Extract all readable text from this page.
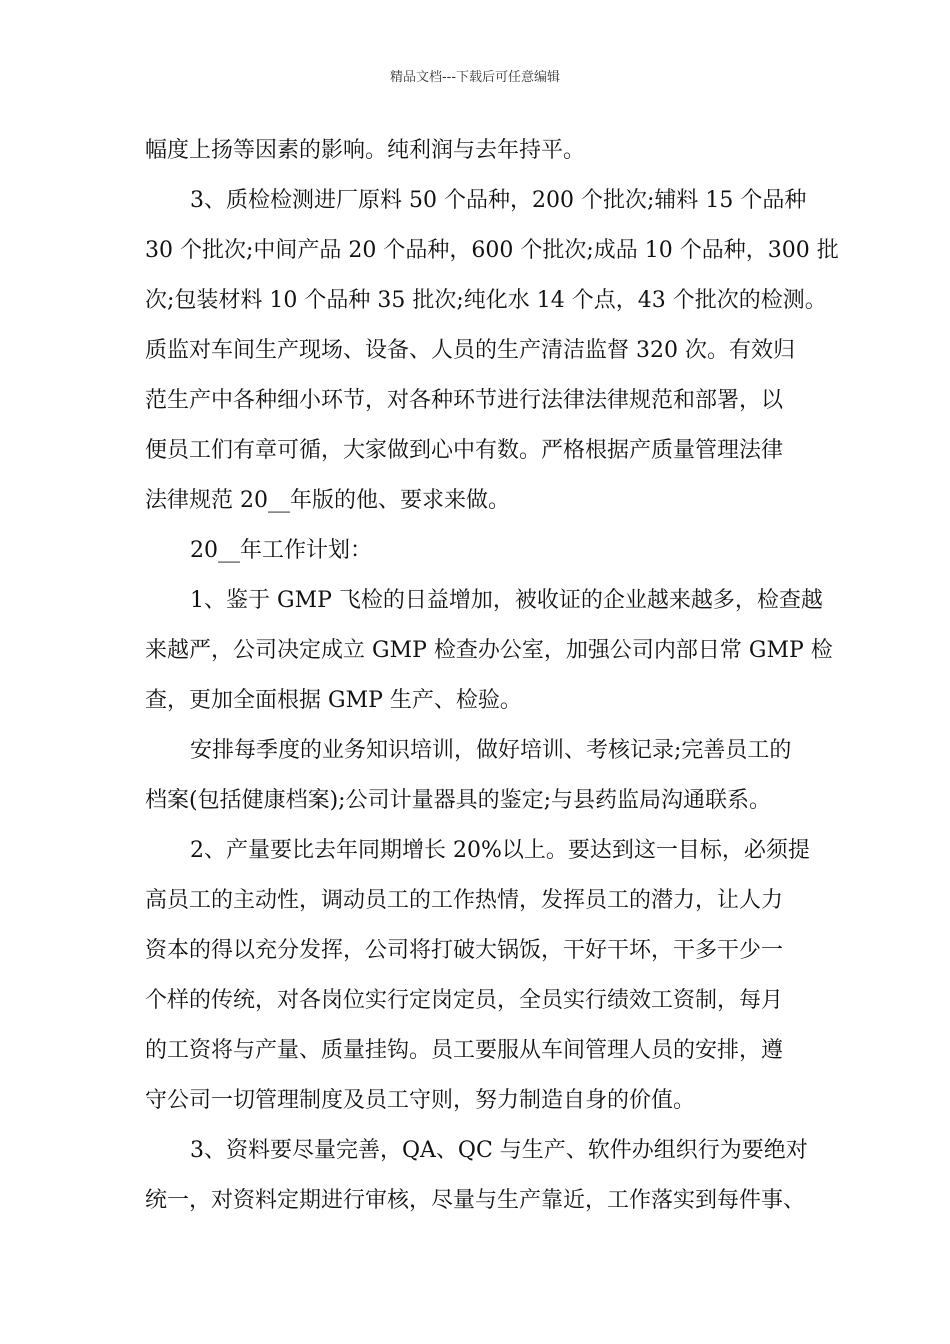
精品文档---下载后可任意编辑
幅度上扬等因素的影响。纯利润与去年持平。
3、质检检测进厂原料 50 个品种，200 个批次;辅料 15 个品种
30 个批次;中间产品 20 个品种，600 个批次;成品 10 个品种，300 批
次;包装材料 10 个品种 35 批次;纯化水 14 个点，43 个批次的检测。
质监对车间生产现场、设备、人员的生产清洁监督 320 次。有效归
范生产中各种细小环节，对各种环节进行法律法律规范和部署，以
便员工们有章可循，大家做到心中有数。严格根据产质量管理法律
法律规范 20__年版的他、要求来做。
20__年工作计划：
1、鉴于 GMP 飞检的日益增加，被收证的企业越来越多，检查越
来越严，公司决定成立 GMP 检查办公室，加强公司内部日常 GMP 检
查，更加全面根据 GMP 生产、检验。
安排每季度的业务知识培训，做好培训、考核记录;完善员工的
档案(包括健康档案);公司计量器具的鉴定;与县药监局沟通联系。
2、产量要比去年同期增长 20%以上。要达到这一目标，必须提
高员工的主动性，调动员工的工作热情，发挥员工的潜力，让人力
资本的得以充分发挥，公司将打破大锅饭，干好干坏，干多干少一
个样的传统，对各岗位实行定岗定员，全员实行绩效工资制，每月
的工资将与产量、质量挂钩。员工要服从车间管理人员的安排，遵
守公司一切管理制度及员工守则，努力制造自身的价值。
3、资料要尽量完善，QA、QC 与生产、软件办组织行为要绝对
统一，对资料定期进行审核，尽量与生产靠近，工作落实到每件事、
